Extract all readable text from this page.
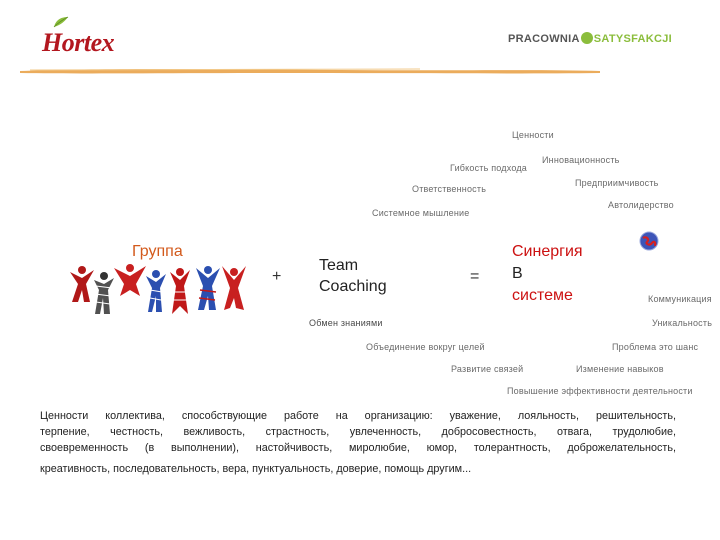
Hortex	PRACOWNIA SATYSFAKCJI
Ценности
Гибкость подхода
Инновационность
Предприимчивость
Ответственность
Автолидерство
Системное мышление
Группа
+
Team
Coaching
=
Синергия
В
системе	Коммуникация
Уникальность
Обмен знаниями
Объединение вокруг целей	Проблема это шанс
Развитие связей	Изменение навыков
Повышение эффективности деятельности
Ценности коллектива, способствующие работе на организацию: уважение, лояльность, решительность,
терпение, честность, вежливость, страстность, увлеченность, добросовестность, отвага, трудолюбие,
своевременность (в выполнении), настойчивость, миролюбие, юмор, толерантность, доброжелательность,
креативность, последовательность, вера, пунктуальность, доверие, помощь другим...
